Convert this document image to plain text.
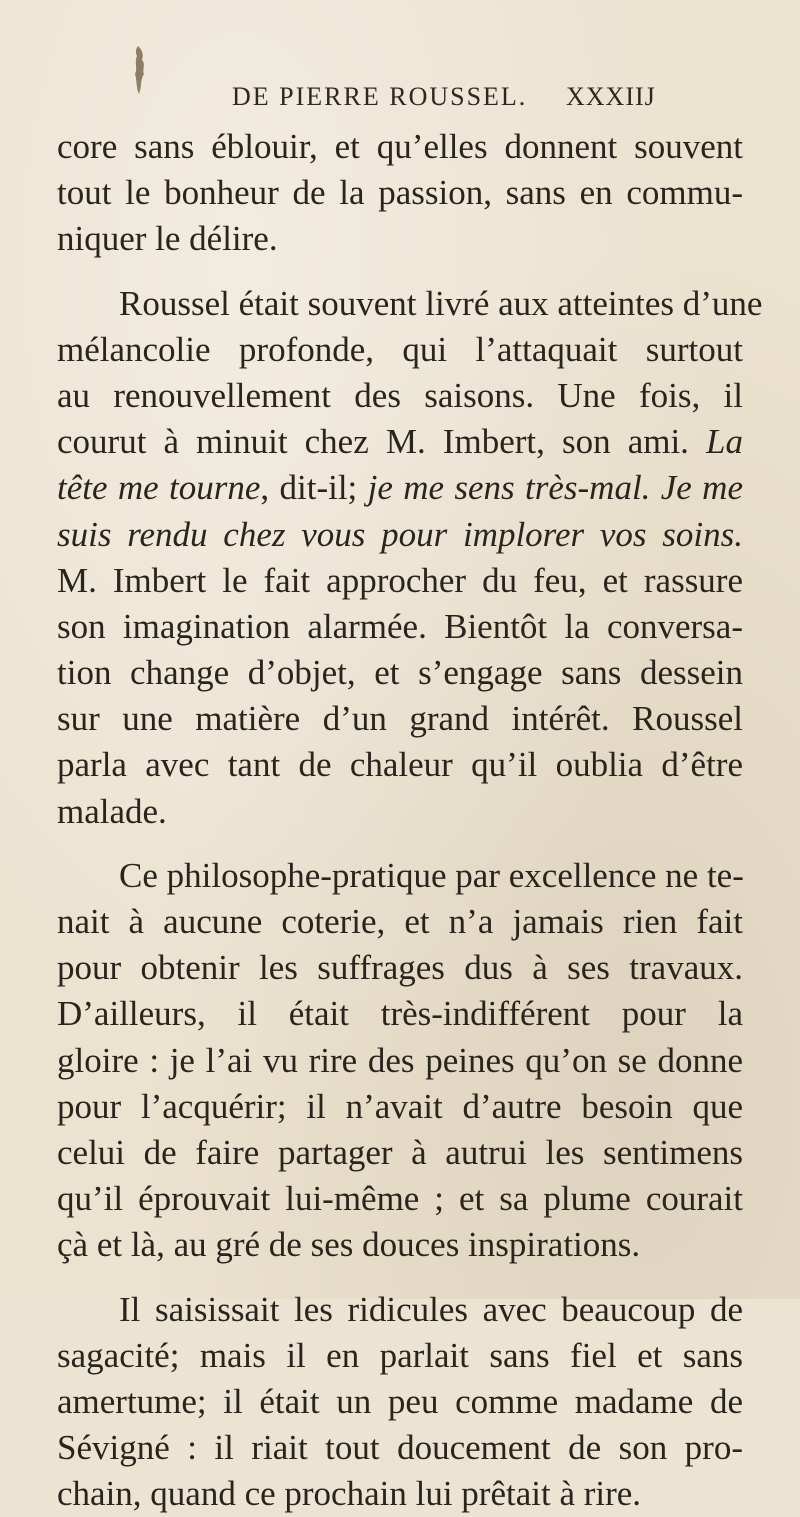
DE PIERRE ROUSSEL. XXXIIJ
core sans éblouir, et qu’elles donnent souvent
tout le bonheur de la passion, sans en commu-
niquer le délire.
Roussel était souvent livré aux atteintes d’une
mélancolie profonde, qui l’attaquait surtout
au renouvellement des saisons. Une fois, il
courut à minuit chez M. Imbert, son ami. La
tête me tourne, dit-il; je me sens très-mal. Je me
suis rendu chez vous pour implorer vos soins.
M. Imbert le fait approcher du feu, et rassure
son imagination alarmée. Bientôt la conversa-
tion change d’objet, et s’engage sans dessein
sur une matière d’un grand intérêt. Roussel
parla avec tant de chaleur qu’il oublia d’être
malade.
Ce philosophe-pratique par excellence ne te-
nait à aucune coterie, et n’a jamais rien fait
pour obtenir les suffrages dus à ses travaux.
D’ailleurs, il était très-indifférent pour la
gloire : je l’ai vu rire des peines qu’on se donne
pour l’acquérir; il n’avait d’autre besoin que
celui de faire partager à autrui les sentimens
qu’il éprouvait lui-même ; et sa plume courait
çà et là, au gré de ses douces inspirations.
Il saisissait les ridicules avec beaucoup de
sagacité; mais il en parlait sans fiel et sans
amertume; il était un peu comme madame de
Sévigné : il riait tout doucement de son pro-
chain, quand ce prochain lui prêtait à rire.
